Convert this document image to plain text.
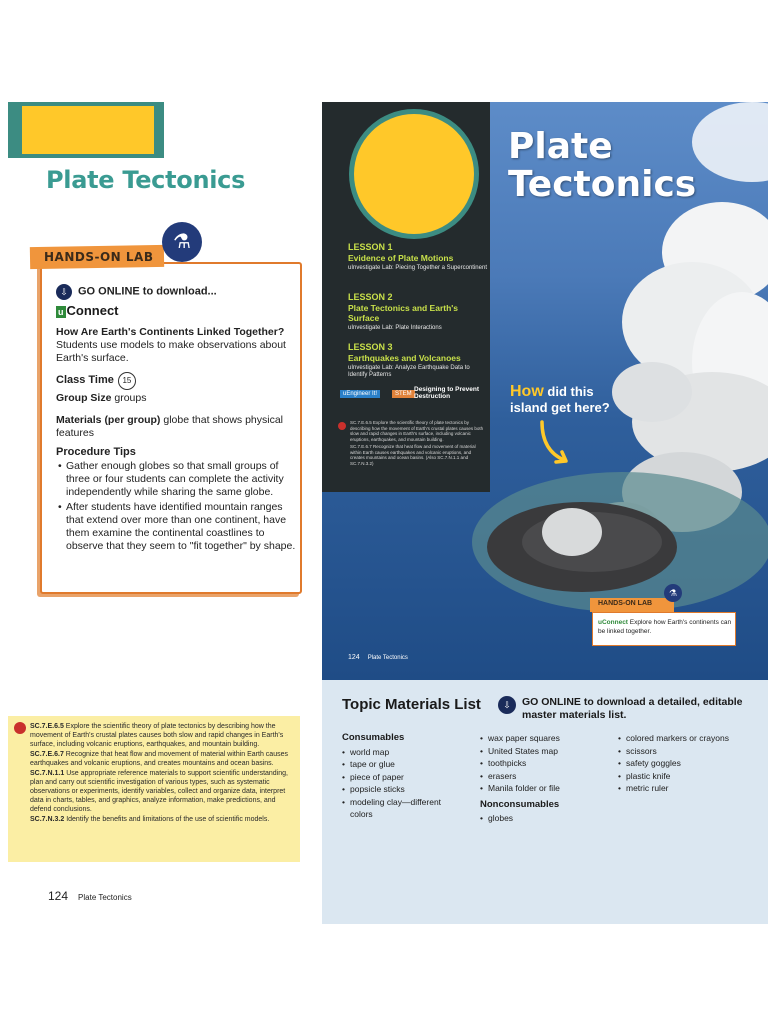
Plate Tectonics
HANDS-ON LAB
⚗
⇩ GO ONLINE to download...
u Connect
How Are Earth's Continents Linked Together? Students use models to make observations about Earth's surface.
Class Time 15
Group Size groups
Materials (per group) globe that shows physical features
Procedure Tips
• Gather enough globes so that small groups of three or four students can complete the activity independently while sharing the same globe.
• After students have identified mountain ranges that extend over more than one continent, have them examine the continental coastlines to observe that they seem to "fit together" by shape.

SC.7.E.6.5 Explore the scientific theory of plate tectonics by describing how the movement of Earth's crustal plates causes both slow and rapid changes in Earth's surface, including volcanic eruptions, earthquakes, and mountain building.

SC.7.E.6.7 Recognize that heat flow and movement of material within Earth causes earthquakes and volcanic eruptions, and creates mountains and ocean basins.

SC.7.N.1.1 Use appropriate reference materials to support scientific understanding, plan and carry out scientific investigation of various types, such as systematic observations or experiments, identify variables, collect and organize data, interpret data in charts, tables, and graphics, analyze information, make predictions, and defend conclusions.

SC.7.N.3.2 Identify the benefits and limitations of the use of scientific models.

124 Plate Tectonics
Plate
Tectonics
LESSON 1
Evidence of Plate Motions
uInvestigate Lab: Piecing Together a Supercontinent
LESSON 2
Plate Tectonics and Earth's Surface
uInvestigate Lab: Plate Interactions
LESSON 3
Earthquakes and Volcanoes
uInvestigate Lab: Analyze Earthquake Data to Identify Patterns
uEngineer It!	STEM
Designing to Prevent Destruction

SC.7.E.6.5 Explore the scientific theory of plate tectonics by describing how the movement of Earth's crustal plates causes both slow and rapid changes in Earth's surface, including volcanic eruptions, earthquakes, and mountain building.

SC.7.E.6.7 Recognize that heat flow and movement of material within Earth causes earthquakes and volcanic eruptions, and creates mountains and ocean basins. (Also SC.7.N.1.1 and SC.7.N.3.2)

How did this island get here?
HANDS-ON LAB
⚗
uConnect Explore how Earth's continents can be linked together.
124 Plate Tectonics
Topic Materials List	⇩	GO ONLINE to download a detailed, editable master materials list.
Consumables
• world map
• tape or glue
• piece of paper
• popsicle sticks
• modeling clay—different colors
• wax paper squares
• United States map
• toothpicks
• erasers
• Manila folder or file
Nonconsumables
• globes
• colored markers or crayons
• scissors
• safety goggles
• plastic knife
• metric ruler
